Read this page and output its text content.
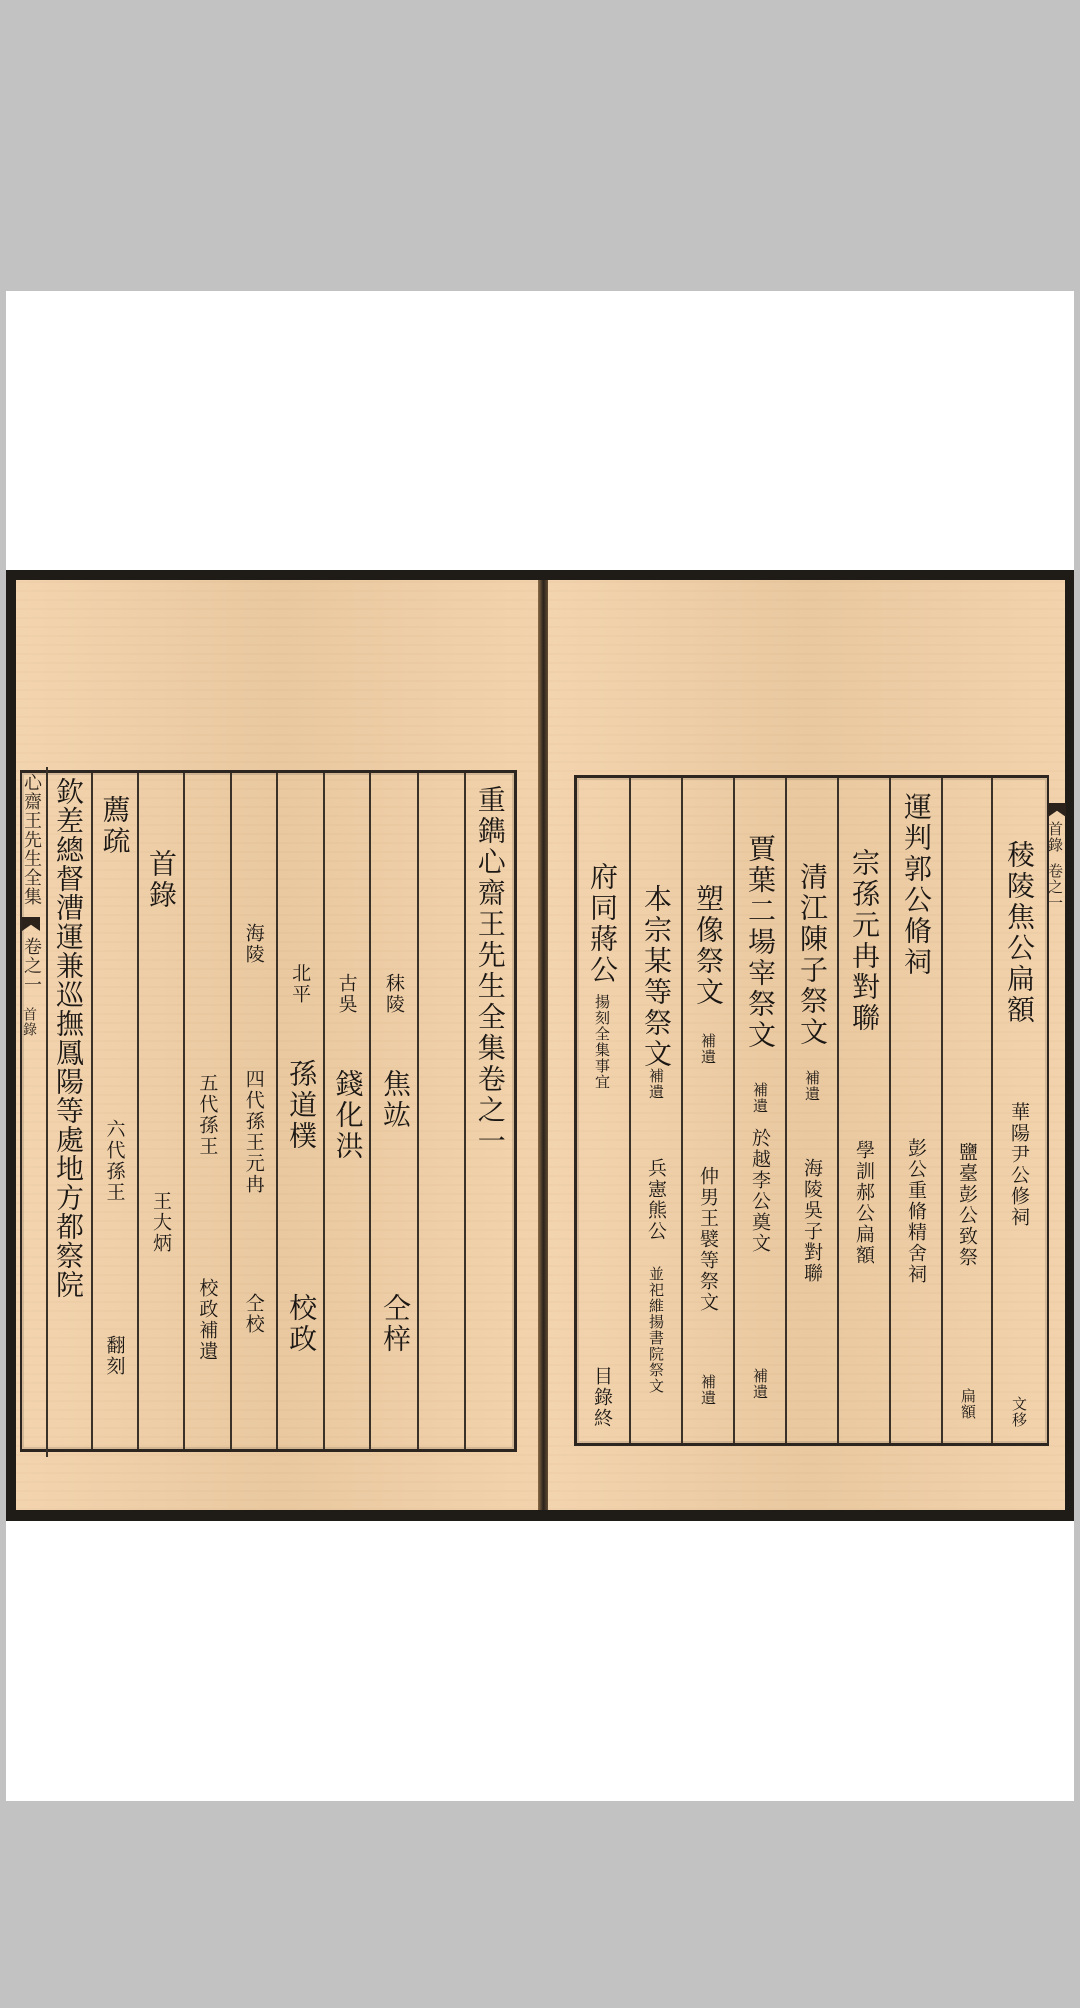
心齋王先生全集
卷之一
首錄	重鐫心齋王先生全集卷之一
秣陵
焦竑
仝梓
古吳
錢化洪
北平
孫道樸
校政
海陵
四代孫王元冉
仝校
五代孫王
校政補遺
首錄
王大炳
薦疏
六代孫王
翻刻
欽差總督漕運兼巡撫鳳陽等處地方都察院	稜陵焦公扁額
華陽尹公修祠
文移
鹽臺彭公致祭
扁額
運判郭公脩祠
彭公重脩精舍祠
宗孫元冉對聯
學訓郝公扁額
清江陳子祭文
補遺
海陵吳子對聯
賈葉二場宰祭文
補遺
於越李公奠文
補遺
塑像祭文
補遺
仲男王襞等祭文
補遺
本宗某等祭文
補遺
兵憲熊公
並祀維揚書院祭文
府同蔣公
揚刻全集事宜
目錄終
首錄
卷之一
